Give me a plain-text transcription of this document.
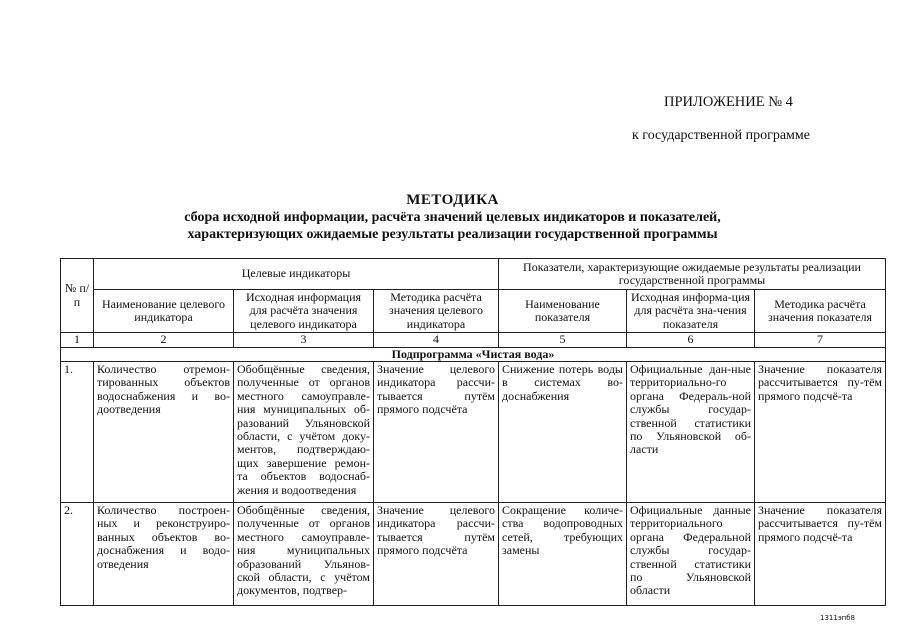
ПРИЛОЖЕНИЕ № 4
к государственной программе
МЕТОДИКА
сбора исходной информации, расчёта значений целевых индикаторов и показателей,
характеризующих ожидаемые результаты реализации государственной программы
№ п/п	Целевые индикаторы			Показатели, характеризующие ожидаемые результаты реализации государственной программы		
	Наименование целевого индикатора	Исходная информация для расчёта значения целевого индикатора	Методика расчёта значения целевого индикатора	Наименование показателя	Исходная информа-ция для расчёта зна-чения показателя	Методика расчёта значения показателя
1	2	3	4	5	6	7
Подпрограмма «Чистая вода»						
1.	Количество отремон-тированных объектов водоснабжения и во-доотведения	Обобщённые сведения, полученные от органов местного самоуправле-ния муниципальных об-разований Ульяновской области, с учётом доку-ментов, подтверждаю-щих завершение ремон-та объектов водоснаб-жения и водоотведения	Значение целевого индикатора рассчи-тывается путём прямого подсчёта	Снижение потерь воды в системах во-доснабжения	Официальные дан-ные территориально-го органа Федераль-ной службы государ-ственной статистики по Ульяновской об-ласти	Значение показателя рассчитывается пу-тём прямого подсчё-та
2.	Количество построен-ных и реконструиро-ванных объектов во-доснабжения и водо-отведения	Обобщённые сведения, полученные от органов местного самоуправле-ния муниципальных образований Ульянов-ской области, с учётом документов, подтвер-	Значение целевого индикатора рассчи-тывается путём прямого подсчёта	Сокращение количе-ства водопроводных сетей, требующих замены	Официальные данные территориального органа Федеральной службы государ-ственной статистики по Ульяновской области	Значение показателя рассчитывается пу-тём прямого подсчё-та
1311эпб8
